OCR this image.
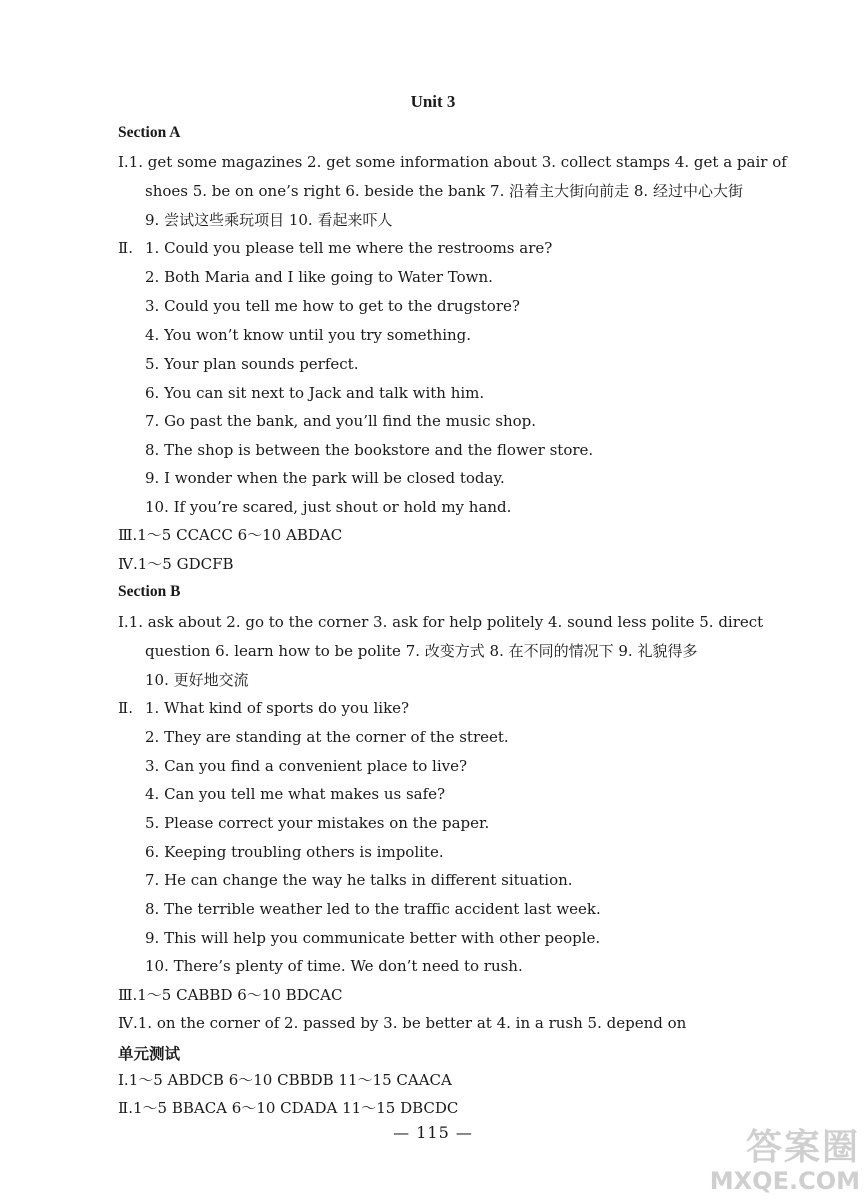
Unit 3
Section A
Ⅰ.1. get some magazines 2. get some information about 3. collect stamps 4. get a pair of
shoes 5. be on one’s right 6. beside the bank 7. 沿着主大街向前走 8. 经过中心大街
9. 尝试这些乘玩项目 10. 看起来吓人
Ⅱ. 1. Could you please tell me where the restrooms are?
2. Both Maria and I like going to Water Town.
3. Could you tell me how to get to the drugstore?
4. You won’t know until you try something.
5. Your plan sounds perfect.
6. You can sit next to Jack and talk with him.
7. Go past the bank, and you’ll find the music shop.
8. The shop is between the bookstore and the flower store.
9. I wonder when the park will be closed today.
10. If you’re scared, just shout or hold my hand.
Ⅲ.1～5 CCACC 6～10 ABDAC
Ⅳ.1～5 GDCFB
Section B
Ⅰ.1. ask about 2. go to the corner 3. ask for help politely 4. sound less polite 5. direct
question 6. learn how to be polite 7. 改变方式 8. 在不同的情况下 9. 礼貌得多
10. 更好地交流
Ⅱ. 1. What kind of sports do you like?
2. They are standing at the corner of the street.
3. Can you find a convenient place to live?
4. Can you tell me what makes us safe?
5. Please correct your mistakes on the paper.
6. Keeping troubling others is impolite.
7. He can change the way he talks in different situation.
8. The terrible weather led to the traffic accident last week.
9. This will help you communicate better with other people.
10. There’s plenty of time. We don’t need to rush.
Ⅲ.1～5 CABBD 6～10 BDCAC
Ⅳ.1. on the corner of 2. passed by 3. be better at 4. in a rush 5. depend on
单元测试
Ⅰ.1～5 ABDCB 6～10 CBBDB 11～15 CAACA
Ⅱ.1～5 BBACA 6～10 CDADA 11～15 DBCDC
— 115 —	答案圈
MXQE.COM
